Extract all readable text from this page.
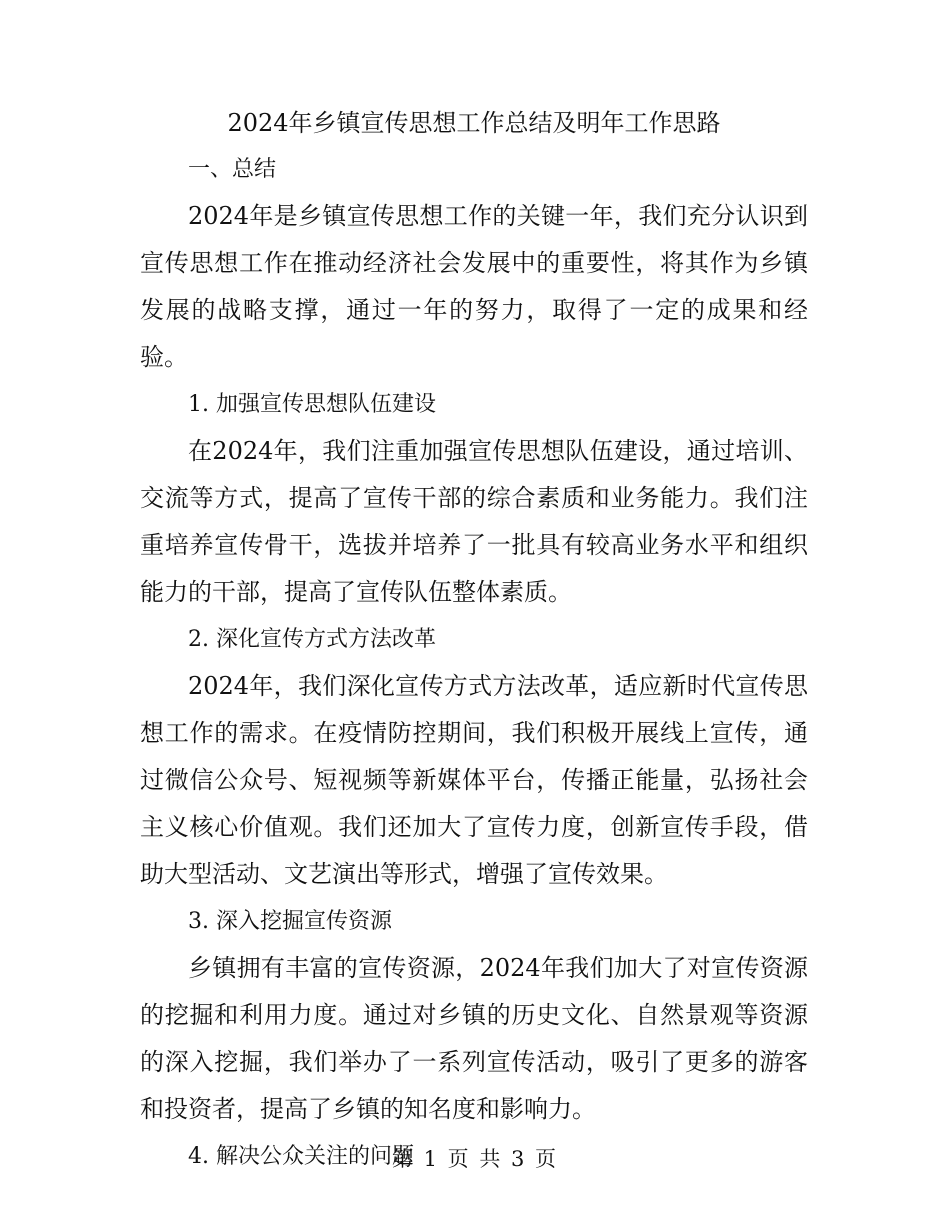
2024年乡镇宣传思想工作总结及明年工作思路

一、总结

2024年是乡镇宣传思想工作的关键一年，我们充分认识到宣传思想工作在推动经济社会发展中的重要性，将其作为乡镇发展的战略支撑，通过一年的努力，取得了一定的成果和经验。

1. 加强宣传思想队伍建设

在2024年，我们注重加强宣传思想队伍建设，通过培训、交流等方式，提高了宣传干部的综合素质和业务能力。我们注重培养宣传骨干，选拔并培养了一批具有较高业务水平和组织能力的干部，提高了宣传队伍整体素质。

2. 深化宣传方式方法改革

2024年，我们深化宣传方式方法改革，适应新时代宣传思想工作的需求。在疫情防控期间，我们积极开展线上宣传，通过微信公众号、短视频等新媒体平台，传播正能量，弘扬社会主义核心价值观。我们还加大了宣传力度，创新宣传手段，借助大型活动、文艺演出等形式，增强了宣传效果。

3. 深入挖掘宣传资源

乡镇拥有丰富的宣传资源，2024年我们加大了对宣传资源的挖掘和利用力度。通过对乡镇的历史文化、自然景观等资源的深入挖掘，我们举办了一系列宣传活动，吸引了更多的游客和投资者，提高了乡镇的知名度和影响力。

4. 解决公众关注的问题

第 1 页 共 3 页
